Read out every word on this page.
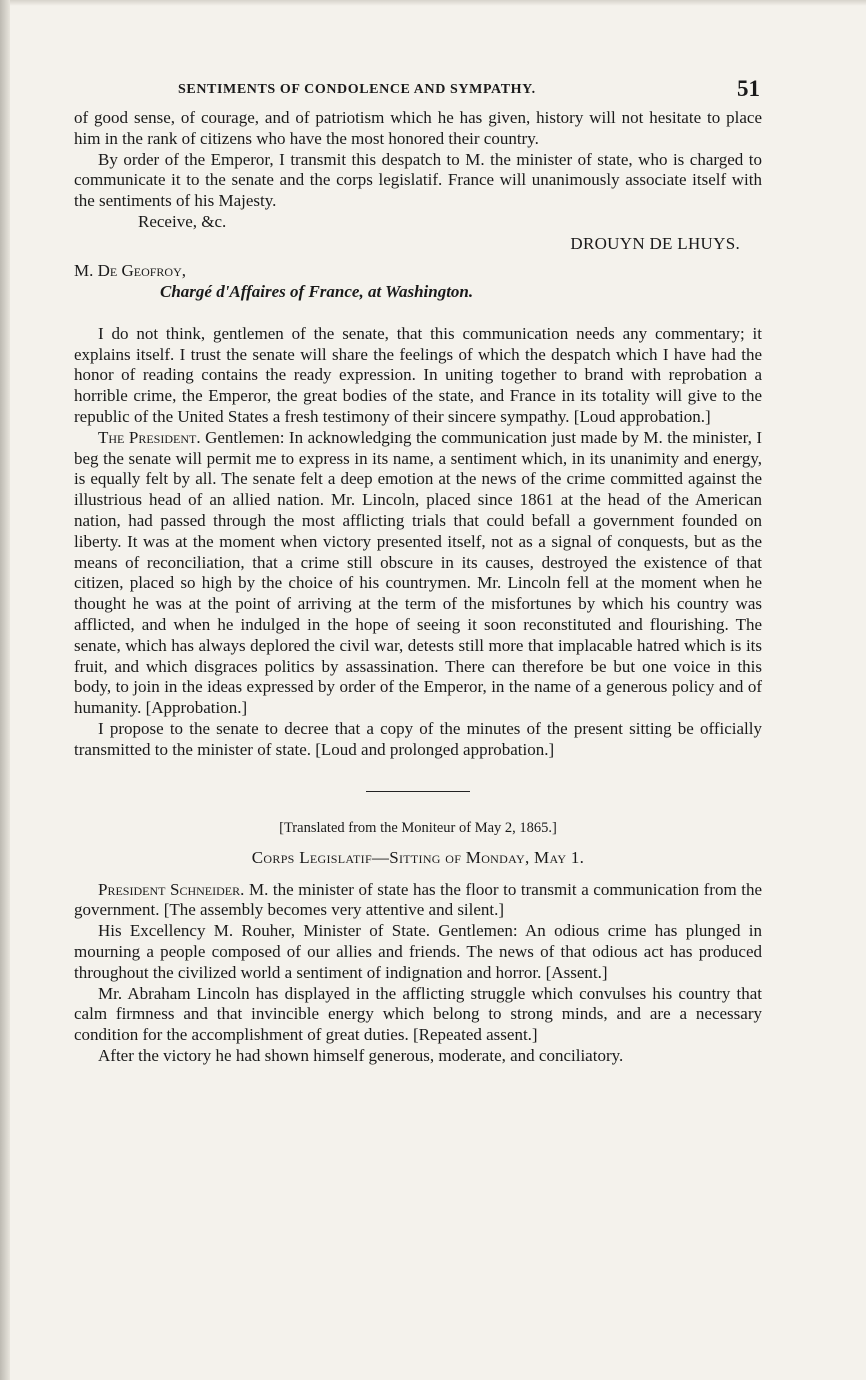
SENTIMENTS OF CONDOLENCE AND SYMPATHY.	51

of good sense, of courage, and of patriotism which he has given, history will not hesitate to place him in the rank of citizens who have the most honored their country.

By order of the Emperor, I transmit this despatch to M. the minister of state, who is charged to communicate it to the senate and the corps legislatif. France will unanimously associate itself with the sentiments of his Majesty.

Receive, &c.

DROUYN DE LHUYS.
M. De Geofroy,
Chargé d'Affaires of France, at Washington.

I do not think, gentlemen of the senate, that this communication needs any commentary; it explains itself. I trust the senate will share the feelings of which the despatch which I have had the honor of reading contains the ready expression. In uniting together to brand with reprobation a horrible crime, the Emperor, the great bodies of the state, and France in its totality will give to the republic of the United States a fresh testimony of their sincere sympathy. [Loud approbation.]

The President. Gentlemen: In acknowledging the communication just made by M. the minister, I beg the senate will permit me to express in its name, a sentiment which, in its unanimity and energy, is equally felt by all. The senate felt a deep emotion at the news of the crime committed against the illustrious head of an allied nation. Mr. Lincoln, placed since 1861 at the head of the American nation, had passed through the most afflicting trials that could befall a government founded on liberty. It was at the moment when victory presented itself, not as a signal of conquests, but as the means of reconciliation, that a crime still obscure in its causes, destroyed the existence of that citizen, placed so high by the choice of his countrymen. Mr. Lincoln fell at the moment when he thought he was at the point of arriving at the term of the misfortunes by which his country was afflicted, and when he indulged in the hope of seeing it soon reconstituted and flourishing. The senate, which has always deplored the civil war, detests still more that implacable hatred which is its fruit, and which disgraces politics by assassination. There can therefore be but one voice in this body, to join in the ideas expressed by order of the Emperor, in the name of a generous policy and of humanity. [Approbation.]

I propose to the senate to decree that a copy of the minutes of the present sitting be officially transmitted to the minister of state. [Loud and prolonged approbation.]

[Translated from the Moniteur of May 2, 1865.]
Corps Legislatif—Sitting of Monday, May 1.

President Schneider. M. the minister of state has the floor to transmit a communication from the government. [The assembly becomes very attentive and silent.]

His Excellency M. Rouher, Minister of State. Gentlemen: An odious crime has plunged in mourning a people composed of our allies and friends. The news of that odious act has produced throughout the civilized world a sentiment of indignation and horror. [Assent.]

Mr. Abraham Lincoln has displayed in the afflicting struggle which convulses his country that calm firmness and that invincible energy which belong to strong minds, and are a necessary condition for the accomplishment of great duties. [Repeated assent.]

After the victory he had shown himself generous, moderate, and conciliatory.
